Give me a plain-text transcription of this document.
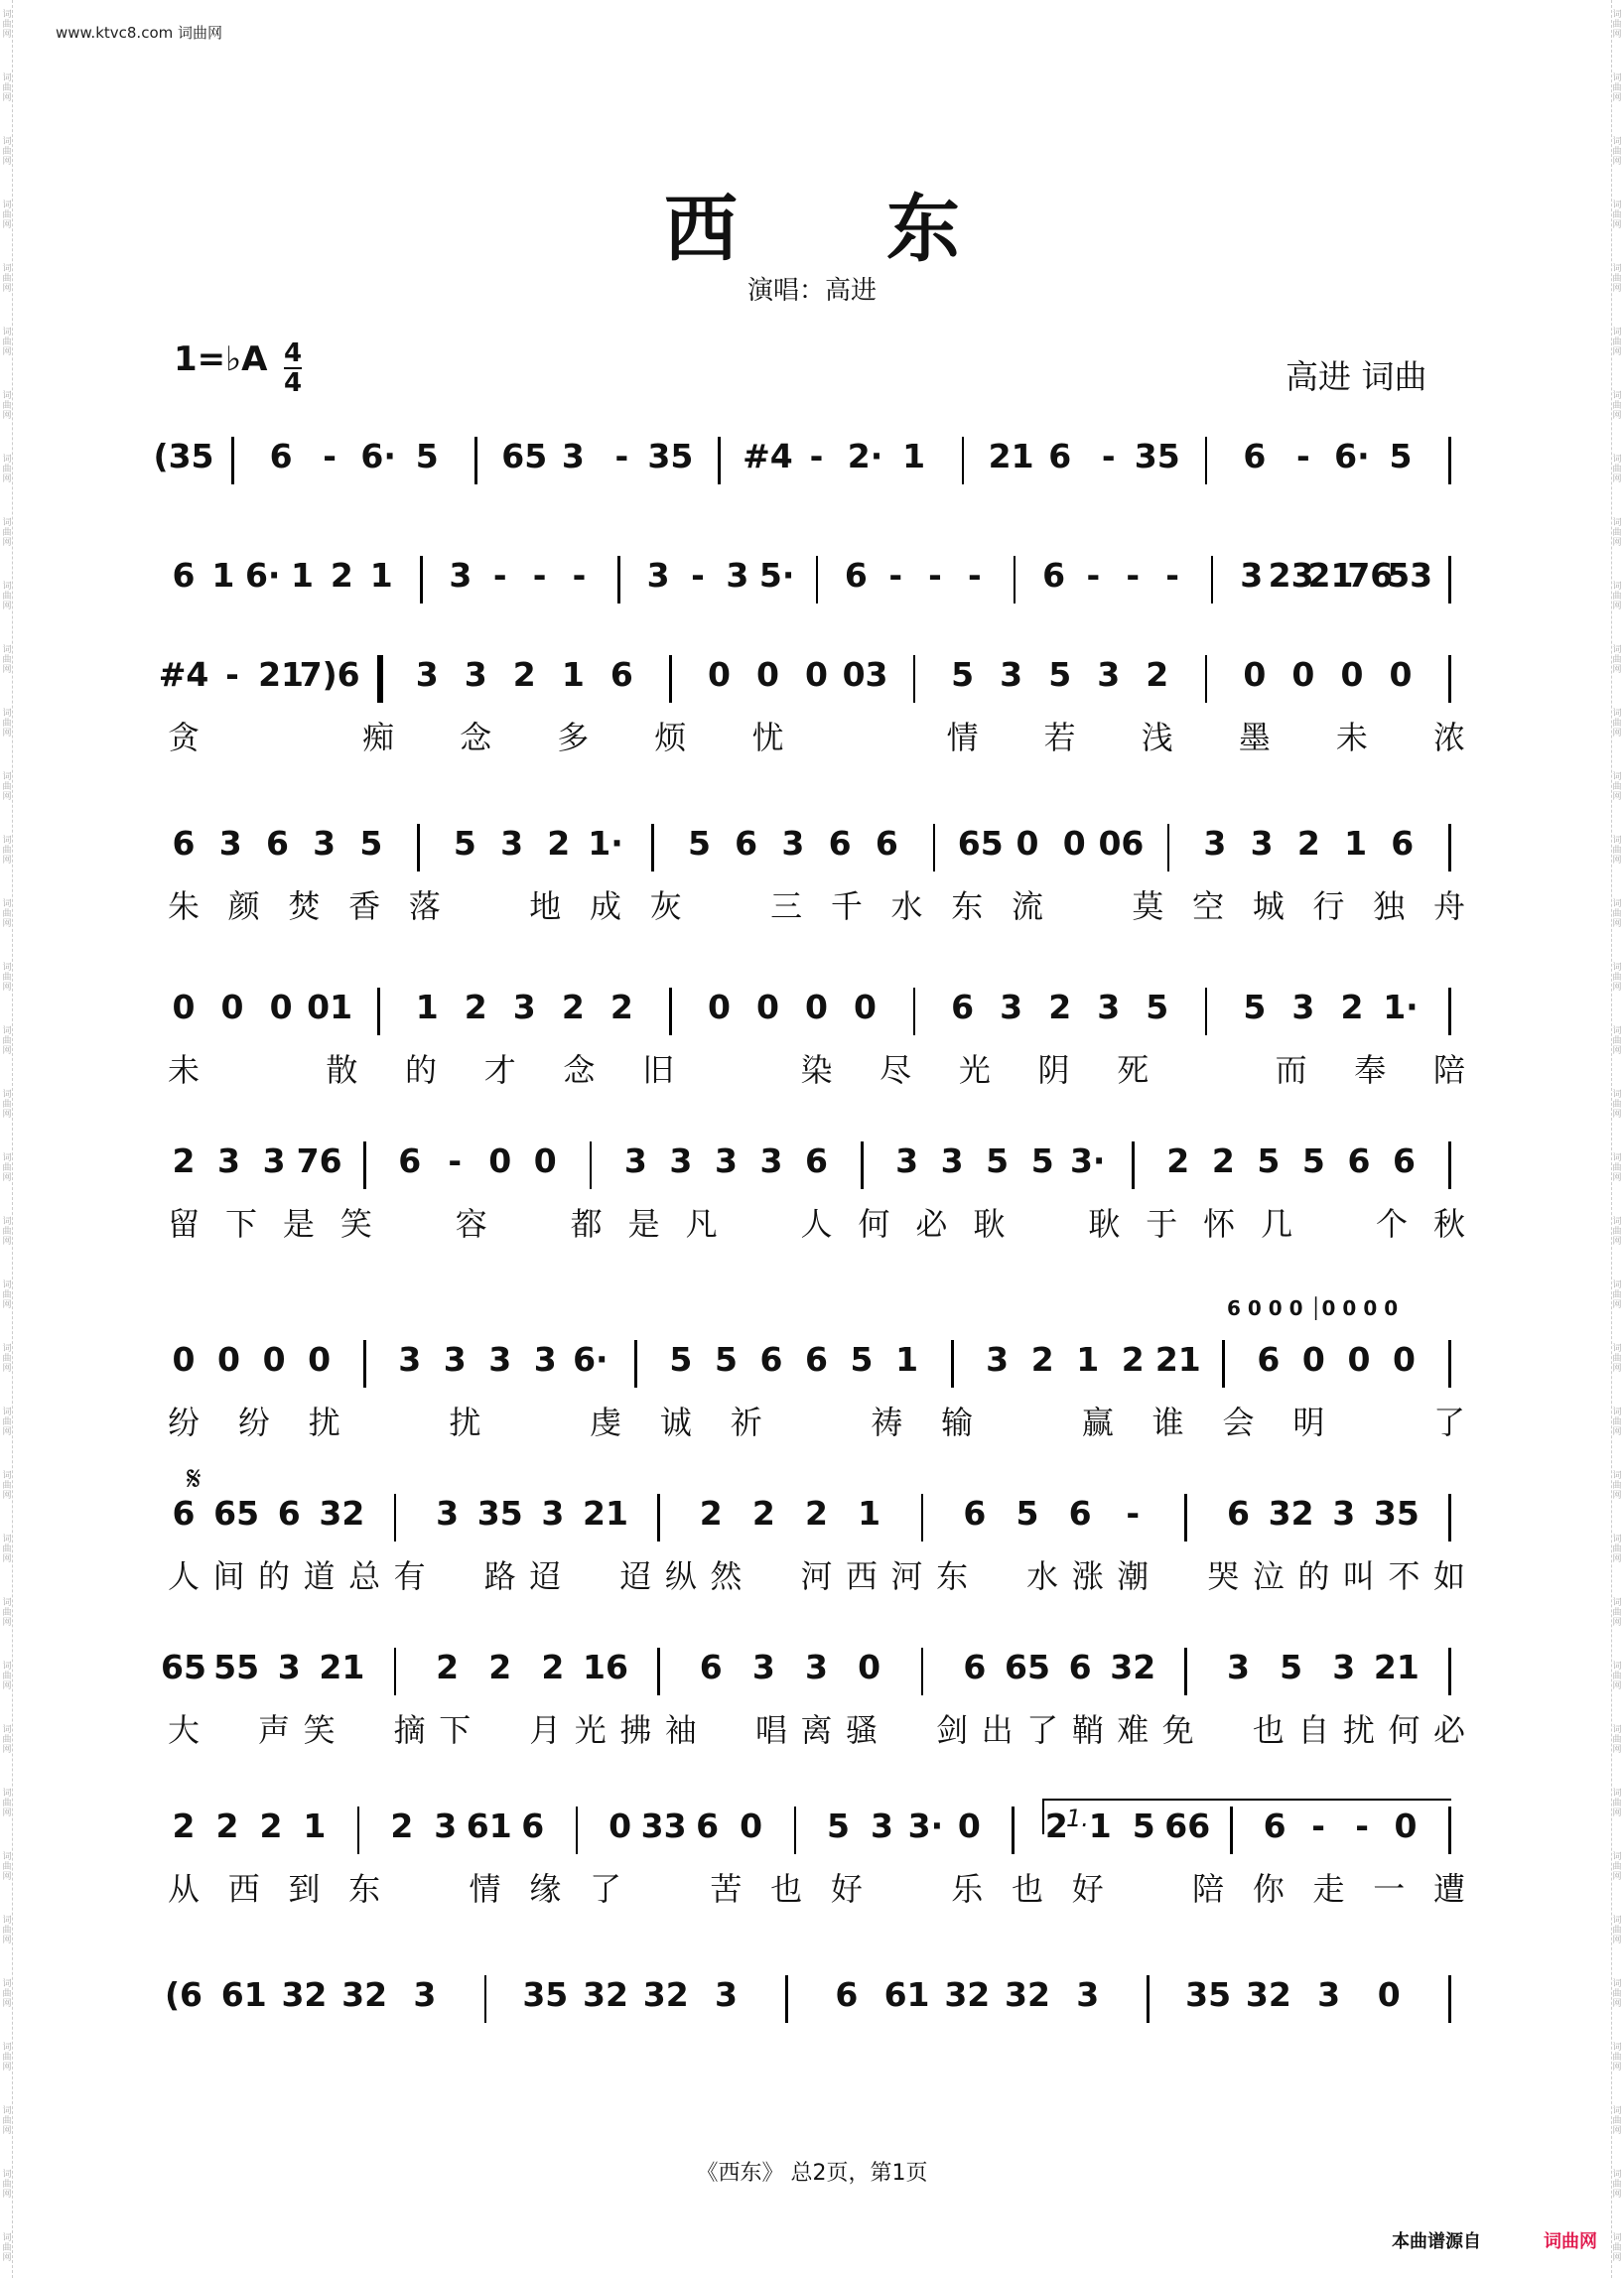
词曲网
词曲网
词曲网
词曲网
词曲网
词曲网
词曲网
词曲网
词曲网
词曲网
词曲网
词曲网
词曲网
词曲网
词曲网
词曲网
词曲网
词曲网
词曲网
词曲网
词曲网
词曲网
词曲网
词曲网
词曲网
词曲网
词曲网
词曲网
词曲网
词曲网
词曲网
词曲网
词曲网
词曲网
词曲网
词曲网
词曲网
词曲网
词曲网
词曲网
词曲网
词曲网
词曲网
词曲网
词曲网
词曲网
词曲网
词曲网
词曲网
词曲网
词曲网
词曲网
词曲网
词曲网
词曲网
词曲网
词曲网
词曲网
词曲网
词曲网
词曲网
词曲网
词曲网
词曲网
词曲网
词曲网
词曲网
词曲网
词曲网
词曲网
词曲网
词曲网
www.ktvc8.com 词曲网
西东
演唱：高进
1=♭A 4
4	高进 词曲
(35 6 - 6· 5 65 3 - 35 #4 - 2· 1 21 6 - 35 6 - 6· 5
6 1 6· 1 2 1 3 - - - 3 - 3 5· 6 - - - 6 - - - 3 23
21
76
53
#4 - 21
7)6 3 3 2 1 6 0 0 0 03 5 3 5 3 2 0 0 0 0
贪	痴 念 多 烦 忧	情 若 浅 墨 未 浓
6 3 6 3 5 5 3 2 1· 5 6 3 6 6 65 0 0 06 3 3 2 1 6
朱 颜 焚 香 落	地 成 灰	三 千 水 东 流	莫 空 城 行 独 舟
0 0 0 01 1 2 3 2 2 0 0 0 0 6 3 2 3 5 5 3 2 1·
未	散 的 才 念 旧	染 尽 光 阴 死	而 奉 陪
2 3 3 76 6 - 0 0 3 3 3 3 6 3 3 5 5 3· 2 2 5 5 6 6
留 下 是 笑	容	都 是 凡	人 何 必 耿	耿 于 怀 几	个 秋
0 0 0 0 3 3 3 3 6· 5 5 6 6 5 1 3 2 1 2 21 6 0 0 0
纷 纷 扰	扰	虔 诚 祈	祷 输	赢 谁 会 明	了
6 65 6 32 3 35 3 21 2 2 2 1	6 5 6 -	6 32 3 35
人 间 的 道 总 有 路 迢 迢 纵 然 河 西 河 东 水 涨 潮 哭 泣 的 叫 不 如
65 55 3 21 2 2 2 16 6 3 3 0	6 65 6 32 3 5 3 21
大 声 笑 摘 下 月 光 拂 袖 唱 离 骚 剑 出 了 鞘 难 免 也 自 扰 何 必
2 2 2 1 2 3 61 6 0 33 6 0 5 3 3· 0 2 1 5 66 6 - - 0
从 西 到 东	情 缘 了	苦 也 好	乐 也 好	陪 你 走 一 遭
(6 61 32 32 3	35 32 32 3	6 61 32 32 3	35 32 3 0
𝄋
6 0 0 0 │0 0 0 0
1.
《西东》 总2页，第1页
本曲谱源自	词曲网
